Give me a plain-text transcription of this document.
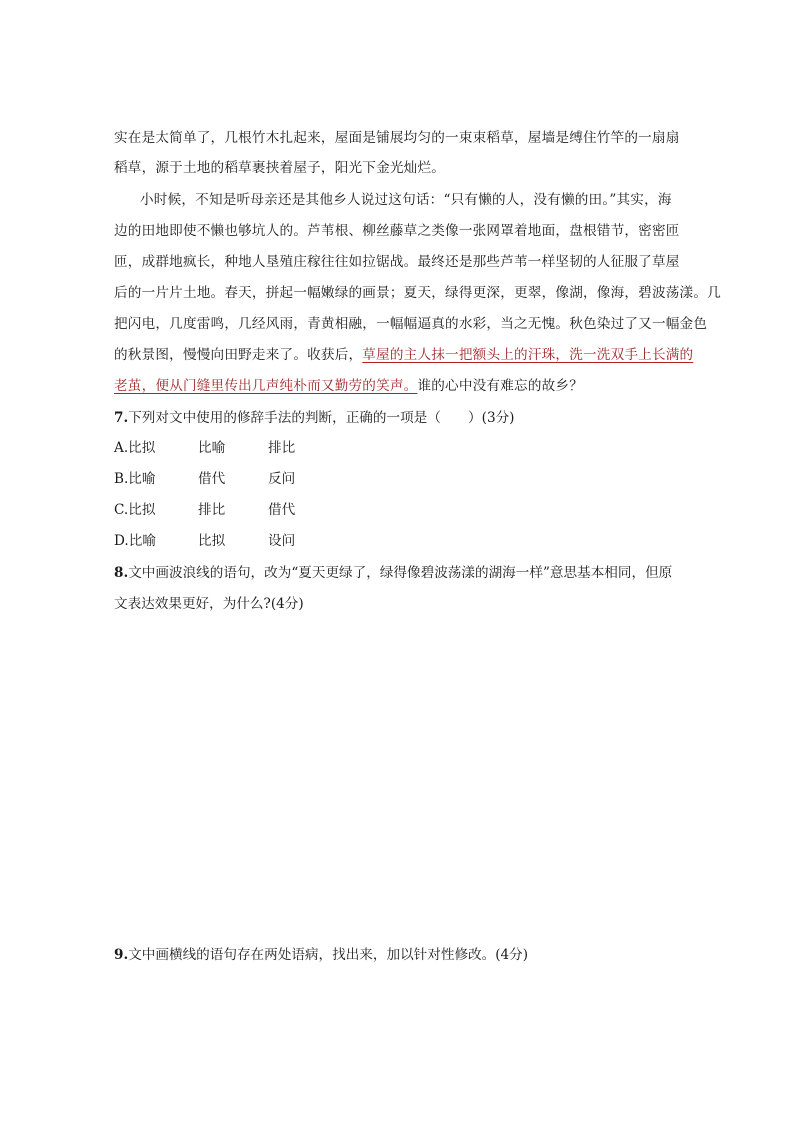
实在是太简单了，几根竹木扎起来，屋面是铺展均匀的一束束稻草，屋墙是缚住竹竿的一扇扇
稻草，源于土地的稻草裹挟着屋子，阳光下金光灿烂。
小时候，不知是听母亲还是其他乡人说过这句话：“只有懒的人，没有懒的田。”其实，海
边的田地即使不懒也够坑人的。芦苇根、柳丝藤草之类像一张网罩着地面，盘根错节，密密匝
匝，成群地疯长，种地人垦殖庄稼往往如拉锯战。最终还是那些芦苇一样坚韧的人征服了草屋
后的一片片土地。春天，拼起一幅嫩绿的画景；夏天，绿得更深，更翠，像湖，像海，碧波荡漾。几
把闪电，几度雷鸣，几经风雨，青黄相融，一幅幅逼真的水彩，当之无愧。秋色染过了又一幅金色
的秋景图，慢慢向田野走来了。收获后，草屋的主人抹一把额头上的汗珠，洗一洗双手上长满的
老茧，便从门缝里传出几声纯朴而又勤劳的笑声。谁的心中没有难忘的故乡？
7.下列对文中使用的修辞手法的判断，正确的一项是（　　）(3分)
A.比拟	比喻	排比
B.比喻	借代	反问
C.比拟	排比	借代
D.比喻	比拟	设问
8.文中画波浪线的语句，改为“夏天更绿了，绿得像碧波荡漾的湖海一样”意思基本相同，但原
文表达效果更好，为什么?(4分)
9.文中画横线的语句存在两处语病，找出来，加以针对性修改。(4分)
